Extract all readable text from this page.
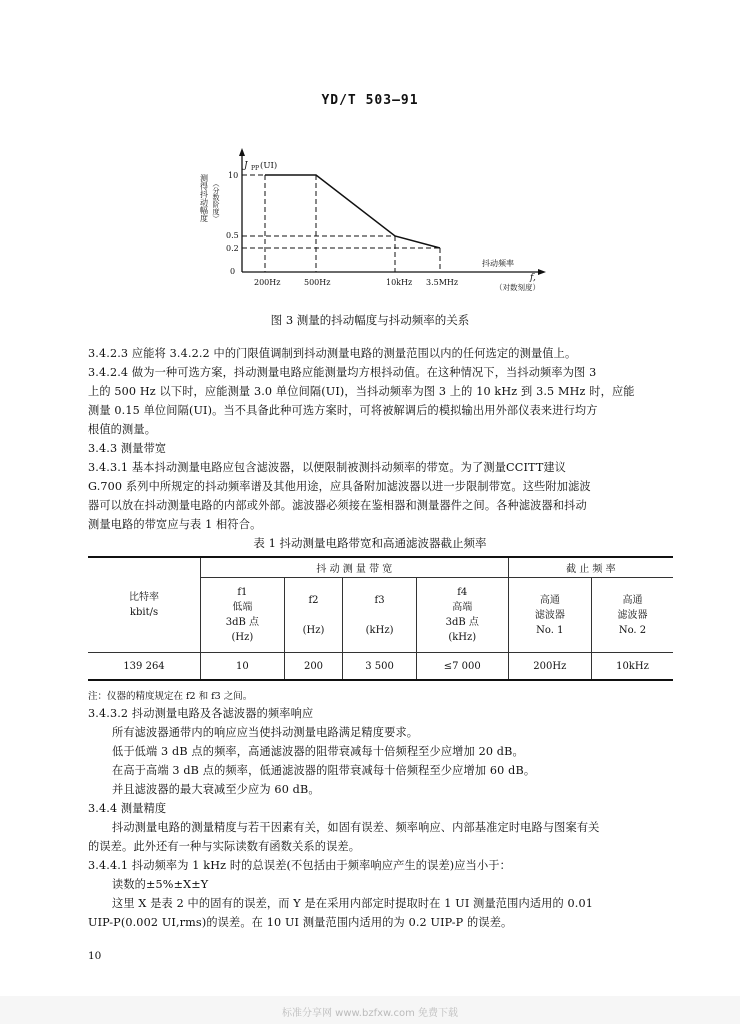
YD/T 503—91
测得抖动幅度 （分数阶度）
J PP (UI)
10
0.5
0.2
0
200Hz	500Hz	10kHz 3.5MHz
抖动频率
f,
（对数刻度）
图 3 测量的抖动幅度与抖动频率的关系
3.4.2.3 应能将 3.4.2.2 中的门限值调制到抖动测量电路的测量范围以内的任何选定的测量值上。
3.4.2.4 做为一种可选方案，抖动测量电路应能测量均方根抖动值。在这种情况下，当抖动频率为图 3
上的 500 Hz 以下时，应能测量 3.0 单位间隔(UI)，当抖动频率为图 3 上的 10 kHz 到 3.5 MHz 时，应能
测量 0.15 单位间隔(UI)。当不具备此种可选方案时，可将被解调后的模拟输出用外部仪表来进行均方
根值的测量。
3.4.3 测量带宽
3.4.3.1 基本抖动测量电路应包含滤波器，以便限制被测抖动频率的带宽。为了测量CCITT建议
G.700 系列中所规定的抖动频率谱及其他用途，应具备附加滤波器以进一步限制带宽。这些附加滤波
器可以放在抖动测量电路的内部或外部。滤波器必须接在鉴相器和测量器件之间。各种滤波器和抖动
测量电路的带宽应与表 1 相符合。
表 1 抖动测量电路带宽和高通滤波器截止频率
比特率
kbit/s	抖 动 测 量 带 宽				截 止 频 率	
	f1
低端
3dB 点
(Hz)	f2

(Hz)	f3

(kHz)	f4
高端
3dB 点
(kHz)	高通
滤波器
No. 1	高通
滤波器
No. 2
139 264	10	200	3 500	≤7 000	200Hz	10kHz
注：仪器的精度规定在 f2 和 f3 之间。
3.4.3.2 抖动测量电路及各滤波器的频率响应
所有滤波器通带内的响应应当使抖动测量电路满足精度要求。
低于低端 3 dB 点的频率，高通滤波器的阻带衰减每十倍频程至少应增加 20 dB。
在高于高端 3 dB 点的频率，低通滤波器的阻带衰减每十倍频程至少应增加 60 dB。
并且滤波器的最大衰减至少应为 60 dB。
3.4.4 测量精度
抖动测量电路的测量精度与若干因素有关，如固有误差、频率响应、内部基准定时电路与图案有关
的误差。此外还有一种与实际读数有函数关系的误差。
3.4.4.1 抖动频率为 1 kHz 时的总误差(不包括由于频率响应产生的误差)应当小于：
读数的±5%±X±Y
这里 X 是表 2 中的固有的误差，而 Y 是在采用内部定时提取时在 1 UI 测量范围内适用的 0.01
UIP-P(0.002 UI,rms)的误差。在 10 UI 测量范围内适用的为 0.2 UIP-P 的误差。
10
标准分享网 www.bzfxw.com 免费下载
